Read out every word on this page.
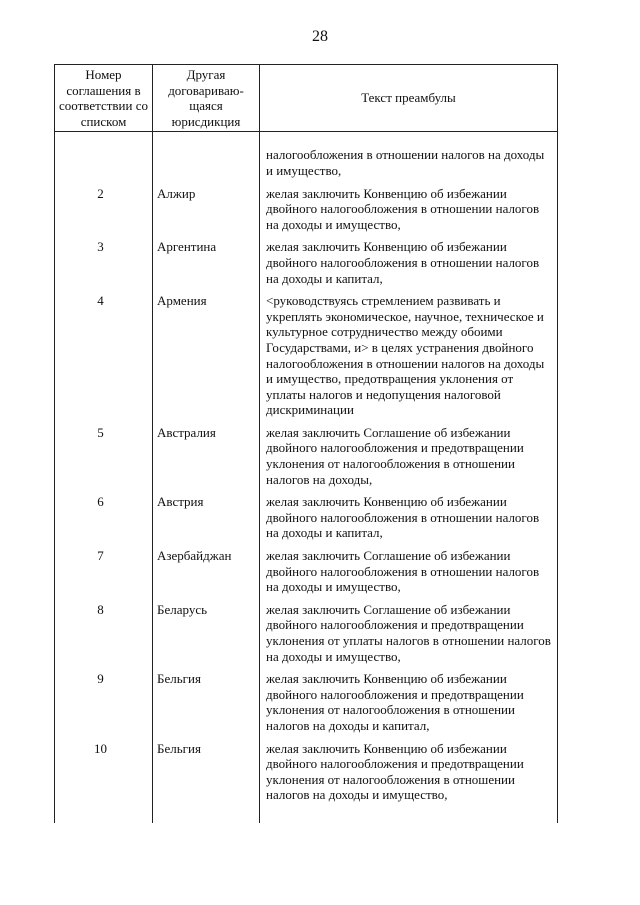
28
Номер соглашения в соответствии со списком	Другая договариваю-щаяся юрисдикция	Текст преамбулы
		налогообложения в отношении налогов на доходы и имущество,
2	Алжир	желая заключить Конвенцию об избежании двойного налогообложения в отношении налогов на доходы и имущество,
3	Аргентина	желая заключить Конвенцию об избежании двойного налогообложения в отношении налогов на доходы и капитал,
4	Армения	<руководствуясь стремлением развивать и укреплять экономическое, научное, техническое и культурное сотрудничество между обоими Государствами, и> в целях устранения двойного налогообложения в отношении налогов на доходы и имущество, предотвращения уклонения от уплаты налогов и недопущения налоговой дискриминации
5	Австралия	желая заключить Соглашение об избежании двойного налогообложения и предотвращении уклонения от налогообложения в отношении налогов на доходы,
6	Австрия	желая заключить Конвенцию об избежании двойного налогообложения в отношении налогов на доходы и капитал,
7	Азербайджан	желая заключить Соглашение об избежании двойного налогообложения в отношении налогов на доходы и имущество,
8	Беларусь	желая заключить Соглашение об избежании двойного налогообложения и предотвращении уклонения от уплаты налогов в отношении налогов на доходы и имущество,
9	Бельгия	желая заключить Конвенцию об избежании двойного налогообложения и предотвращении уклонения от налогообложения в отношении налогов на доходы и капитал,
10	Бельгия	желая заключить Конвенцию об избежании двойного налогообложения и предотвращении уклонения от налогообложения в отношении налогов на доходы и имущество,
